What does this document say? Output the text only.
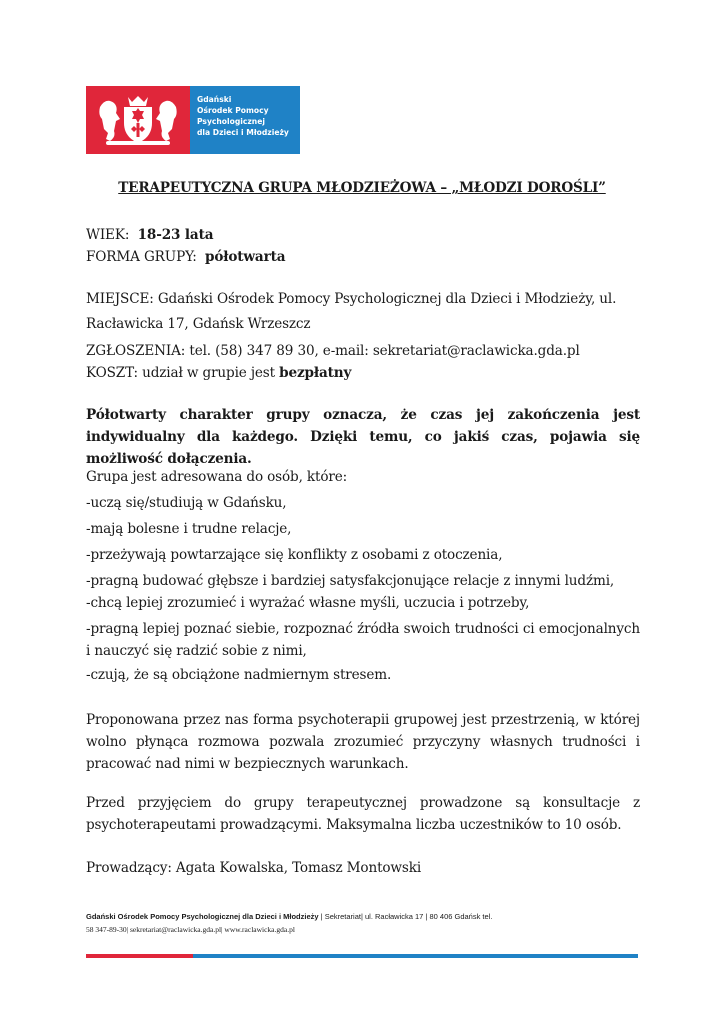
Gdański
Ośrodek Pomocy
Psychologicznej
dla Dzieci i Młodzieży
TERAPEUTYCZNA GRUPA MŁODZIEŻOWA – „MŁODZI DOROŚLI”
WIEK: 18-23 lata
FORMA GRUPY: półotwarta
MIEJSCE: Gdański Ośrodek Pomocy Psychologicznej dla Dzieci i Młodzieży, ul.
Racławicka 17, Gdańsk Wrzeszcz
ZGŁOSZENIA: tel. (58) 347 89 30, e-mail: sekretariat@raclawicka.gda.pl
KOSZT: udział w grupie jest bezpłatny
Półotwarty charakter grupy oznacza, że czas jej zakończenia jest indywidualny dla każdego. Dzięki temu, co jakiś czas, pojawia się możliwość dołączenia.
Grupa jest adresowana do osób, które:
-uczą się/studiują w Gdańsku,
-mają bolesne i trudne relacje,
-przeżywają powtarzające się konflikty z osobami z otoczenia,
-pragną budować głębsze i bardziej satysfakcjonujące relacje z innymi ludźmi,
-chcą lepiej zrozumieć i wyrażać własne myśli, uczucia i potrzeby,
-pragną lepiej poznać siebie, rozpoznać źródła swoich trudności ci emocjonalnych i nauczyć się radzić sobie z nimi,
-czują, że są obciążone nadmiernym stresem.
Proponowana przez nas forma psychoterapii grupowej jest przestrzenią, w której wolno płynąca rozmowa pozwala zrozumieć przyczyny własnych trudności i pracować nad nimi w bezpiecznych warunkach.
Przed przyjęciem do grupy terapeutycznej prowadzone są konsultacje z psychoterapeutami prowadzącymi. Maksymalna liczba uczestników to 10 osób.
Prowadzący: Agata Kowalska, Tomasz Montowski
Gdański Ośrodek Pomocy Psychologicznej dla Dzieci i Młodzieży | Sekretariat| ul. Racławicka 17 | 80 406 Gdańsk tel.
58 347-89-30| sekretariat@raclawicka.gda.pl| www.raclawicka.gda.pl
